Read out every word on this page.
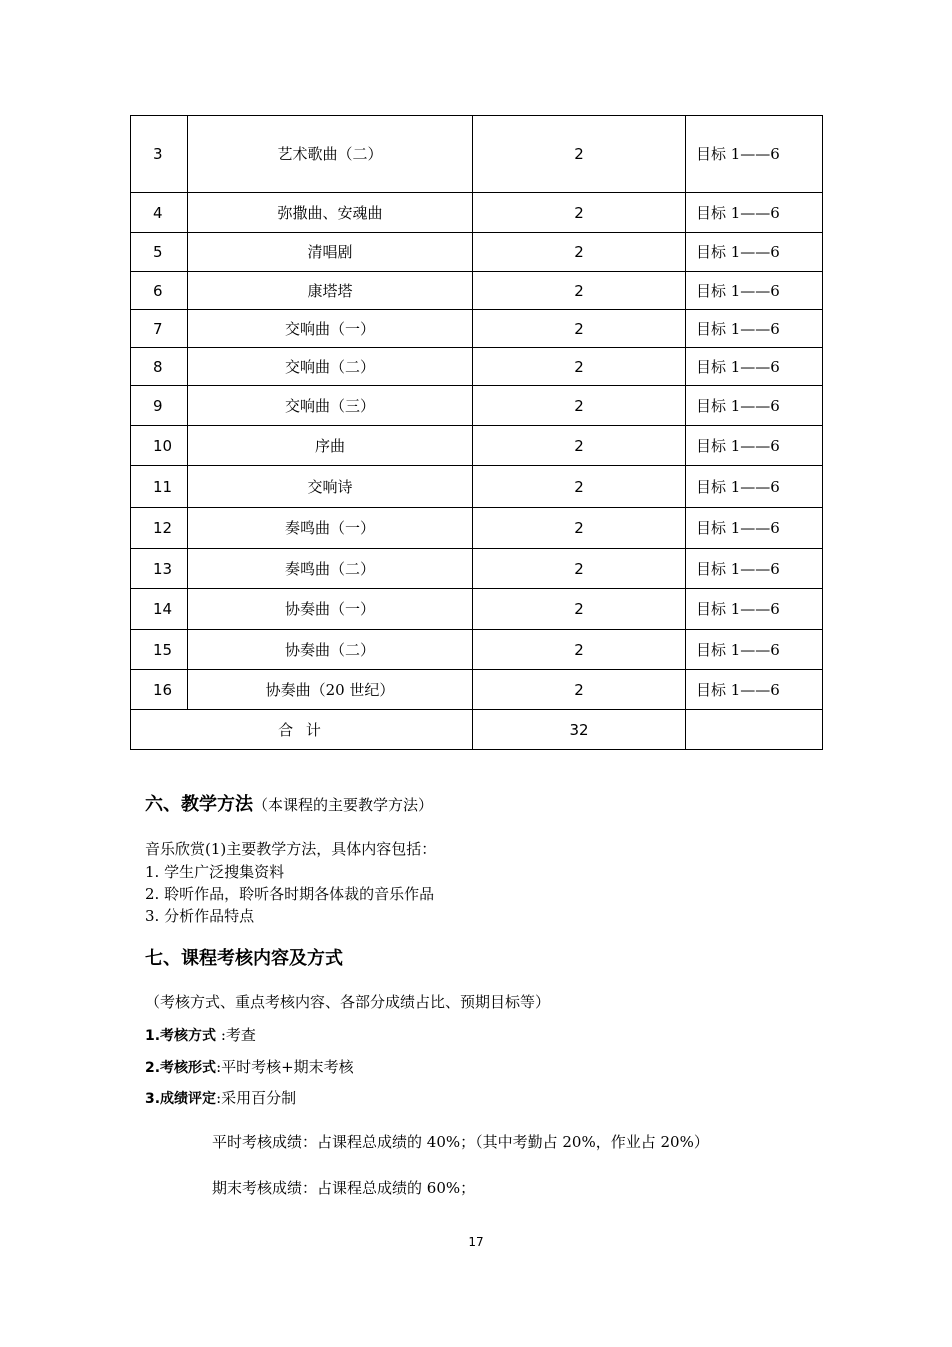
3	艺术歌曲（二）	2	目标 1——6
4	弥撒曲、安魂曲	2	目标 1——6
5	清唱剧	2	目标 1——6
6	康塔塔	2	目标 1——6
7	交响曲（一）	2	目标 1——6
8	交响曲（二）	2	目标 1——6
9	交响曲（三）	2	目标 1——6
10	序曲	2	目标 1——6
11	交响诗	2	目标 1——6
12	奏鸣曲（一）	2	目标 1——6
13	奏鸣曲（二）	2	目标 1——6
14	协奏曲（一）	2	目标 1——6
15	协奏曲（二）	2	目标 1——6
16	协奏曲（20 世纪）	2	目标 1——6
合 计		32	
六、教学方法（本课程的主要教学方法）
音乐欣赏(1)主要教学方法，具体内容包括：
1. 学生广泛搜集资料
2. 聆听作品，聆听各时期各体裁的音乐作品
3. 分析作品特点
七、课程考核内容及方式
（考核方式、重点考核内容、各部分成绩占比、预期目标等）
1.考核方式 :考查
2.考核形式:平时考核+期末考核
3.成绩评定:采用百分制
平时考核成绩：占课程总成绩的 40%；（其中考勤占 20%，作业占 20%）
期末考核成绩：占课程总成绩的 60%；
17
